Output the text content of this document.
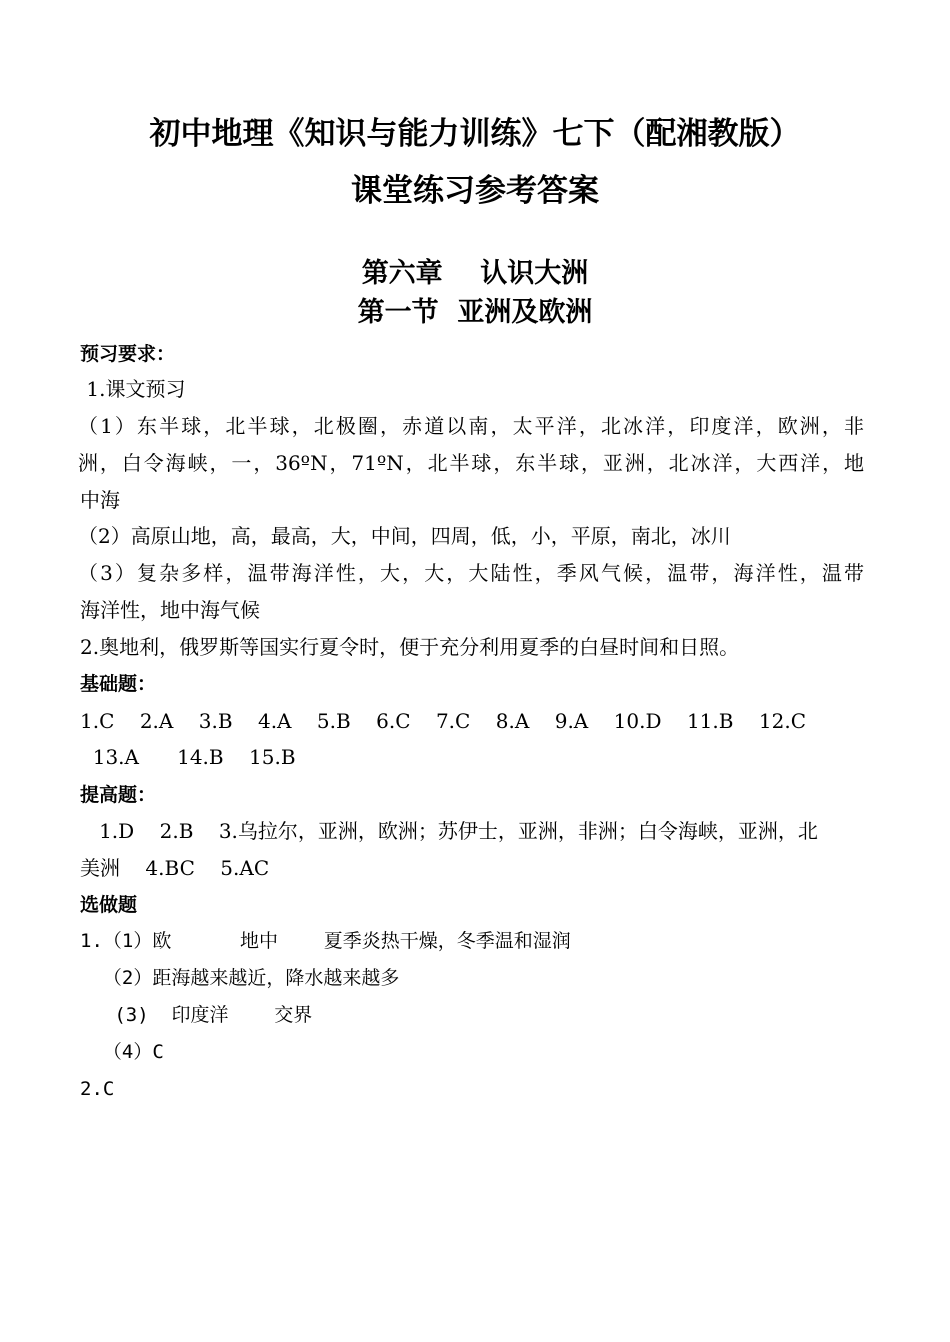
初中地理《知识与能力训练》七下（配湘教版）
课堂练习参考答案
第六章    认识大洲
第一节  亚洲及欧洲
预习要求：
1.课文预习
（1）东半球，北半球，北极圈，赤道以南，太平洋，北冰洋，印度洋，欧洲，非
洲，白令海峡，一，36ºN，71ºN，北半球，东半球，亚洲，北冰洋，大西洋，地
中海
（2）高原山地，高，最高，大，中间，四周，低，小，平原，南北，冰川
（3）复杂多样，温带海洋性，大，大，大陆性，季风气候，温带，海洋性，温带
海洋性，地中海气候
2.奥地利，俄罗斯等国实行夏令时，便于充分利用夏季的白昼时间和日照。
基础题：
1.C    2.A    3.B    4.A    5.B    6.C    7.C    8.A    9.A    10.D    11.B    12.C
13.A      14.B    15.B
提高题：
1.D    2.B    3.乌拉尔，亚洲，欧洲；苏伊士，亚洲，非洲；白令海峡，亚洲，北
美洲    4.BC    5.AC
选做题
1.（1）欧      地中    夏季炎热干燥，冬季温和湿润
（2）距海越来越近，降水越来越多
(3)  印度洋    交界
（4）C
2.C
